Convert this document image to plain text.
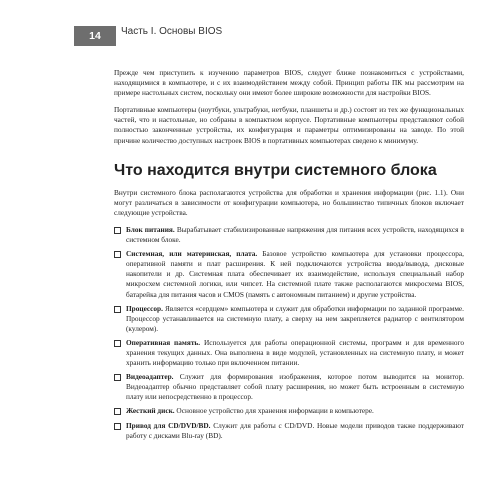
14	Часть I. Основы BIOS

Прежде чем приступить к изучению параметров BIOS, следует ближе познакомиться с устройствами, находящимися в компьютере, и с их взаимодействием между собой. Принцип работы ПК мы рассмотрим на примере настольных систем, поскольку они имеют более широкие возможности для настройки BIOS.

Портативные компьютеры (ноутбуки, ультрабуки, нетбуки, планшеты и др.) состоят из тех же функциональных частей, что и настольные, но собраны в компактном корпусе. Портативные компьютеры представляют собой полностью законченные устройства, их конфигурация и параметры оптимизированы на заводе. По этой причине количество доступных настроек BIOS в портативных компьютерах сведено к минимуму.

Что находится внутри системного блока

Внутри системного блока располагаются устройства для обработки и хранения информации (рис. 1.1). Они могут различаться в зависимости от конфигурации компьютера, но большинство типичных блоков включает следующие устройства.

Блок питания. Вырабатывает стабилизированные напряжения для питания всех устройств, находящихся в системном блоке.
Системная, или материнская, плата. Базовое устройство компьютера для установки процессора, оперативной памяти и плат расширения. К ней подключаются устройства ввода/вывода, дисковые накопители и др. Системная плата обеспечивает их взаимодействие, используя специальный набор микросхем системной логики, или чипсет. На системной плате также располагаются микросхема BIOS, батарейка для питания часов и CMOS (память с автономным питанием) и другие устройства.
Процессор. Является «сердцем» компьютера и служит для обработки информации по заданной программе. Процессор устанавливается на системную плату, а сверху на нем закрепляется радиатор с вентилятором (кулером).
Оперативная память. Используется для работы операционной системы, программ и для временного хранения текущих данных. Она выполнена в виде модулей, установленных на системную плату, и может хранить информацию только при включенном питании.
Видеоадаптер. Служит для формирования изображения, которое потом выводится на монитор. Видеоадаптер обычно представляет собой плату расширения, но может быть встроенным в системную плату или непосредственно в процессор.
Жесткий диск. Основное устройство для хранения информации в компьютере.
Привод для CD/DVD/BD. Служит для работы с CD/DVD. Новые модели приводов также поддерживают работу с дисками Blu-ray (BD).
